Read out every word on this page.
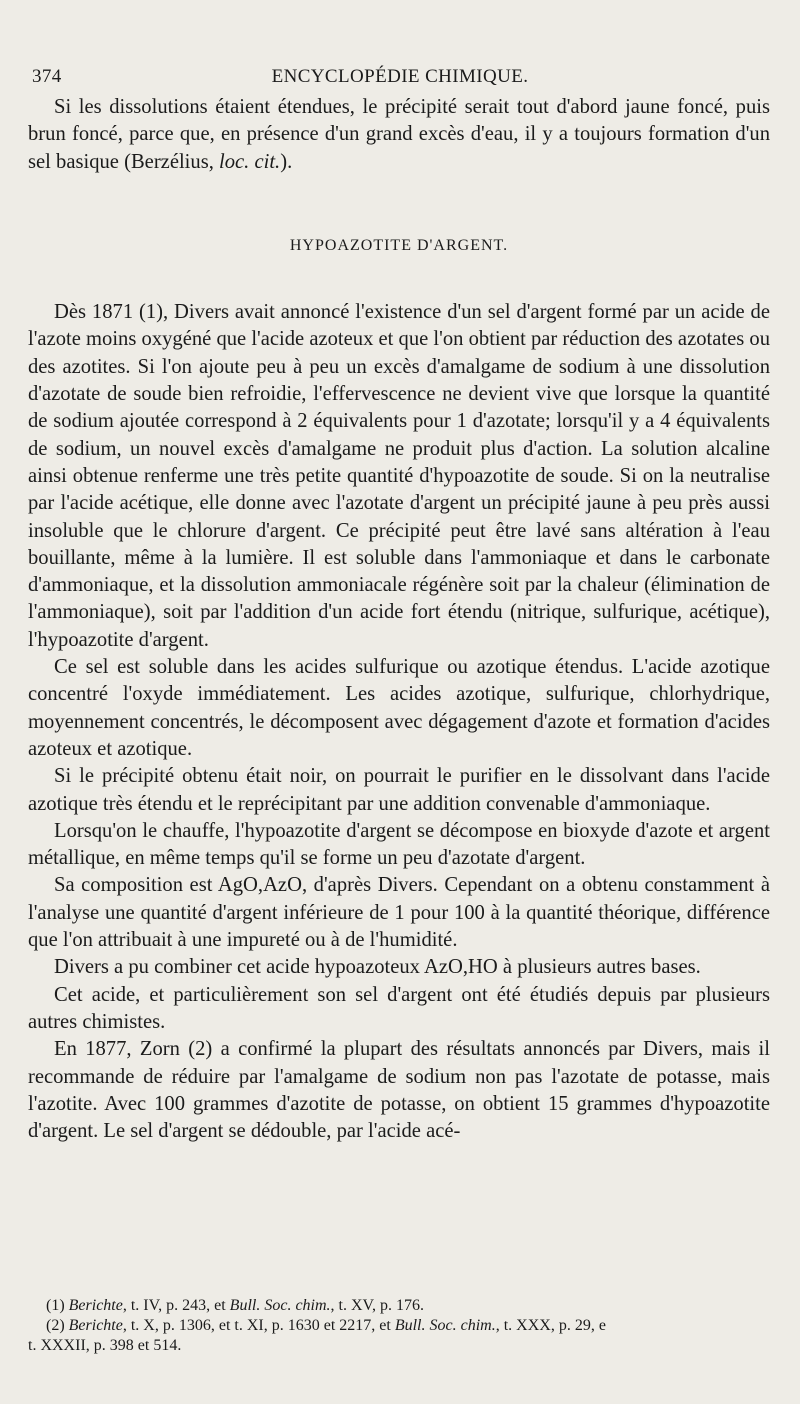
374	ENCYCLOPÉDIE CHIMIQUE.

Si les dissolutions étaient étendues, le précipité serait tout d'abord jaune foncé, puis brun foncé, parce que, en présence d'un grand excès d'eau, il y a toujours formation d'un sel basique (Berzélius, loc. cit.).

HYPOAZOTITE D'ARGENT.

Dès 1871 (1), Divers avait annoncé l'existence d'un sel d'argent formé par un acide de l'azote moins oxygéné que l'acide azoteux et que l'on obtient par réduction des azotates ou des azotites. Si l'on ajoute peu à peu un excès d'amalgame de sodium à une dissolution d'azotate de soude bien refroidie, l'effervescence ne devient vive que lorsque la quantité de sodium ajoutée correspond à 2 équivalents pour 1 d'azotate; lorsqu'il y a 4 équivalents de sodium, un nouvel excès d'amalgame ne produit plus d'action. La solution alcaline ainsi obtenue renferme une très petite quantité d'hypoazotite de soude. Si on la neutralise par l'acide acétique, elle donne avec l'azotate d'argent un précipité jaune à peu près aussi insoluble que le chlorure d'argent. Ce précipité peut être lavé sans altération à l'eau bouillante, même à la lumière. Il est soluble dans l'ammoniaque et dans le carbonate d'ammoniaque, et la dissolution ammoniacale régénère soit par la chaleur (élimination de l'ammoniaque), soit par l'addition d'un acide fort étendu (nitrique, sulfurique, acétique), l'hypoazotite d'argent.

Ce sel est soluble dans les acides sulfurique ou azotique étendus. L'acide azotique concentré l'oxyde immédiatement. Les acides azotique, sulfurique, chlorhydrique, moyennement concentrés, le décomposent avec dégagement d'azote et formation d'acides azoteux et azotique.

Si le précipité obtenu était noir, on pourrait le purifier en le dissolvant dans l'acide azotique très étendu et le reprécipitant par une addition convenable d'ammoniaque.

Lorsqu'on le chauffe, l'hypoazotite d'argent se décompose en bioxyde d'azote et argent métallique, en même temps qu'il se forme un peu d'azotate d'argent.

Sa composition est AgO,AzO, d'après Divers. Cependant on a obtenu constamment à l'analyse une quantité d'argent inférieure de 1 pour 100 à la quantité théorique, différence que l'on attribuait à une impureté ou à de l'humidité.

Divers a pu combiner cet acide hypoazoteux AzO,HO à plusieurs autres bases.

Cet acide, et particulièrement son sel d'argent ont été étudiés depuis par plusieurs autres chimistes.

En 1877, Zorn (2) a confirmé la plupart des résultats annoncés par Divers, mais il recommande de réduire par l'amalgame de sodium non pas l'azotate de potasse, mais l'azotite. Avec 100 grammes d'azotite de potasse, on obtient 15 grammes d'hypoazotite d'argent. Le sel d'argent se dédouble, par l'acide acé-

(1) Berichte, t. IV, p. 243, et Bull. Soc. chim., t. XV, p. 176.

(2) Berichte, t. X, p. 1306, et t. XI, p. 1630 et 2217, et Bull. Soc. chim., t. XXX, p. 29, e

t. XXXII, p. 398 et 514.
